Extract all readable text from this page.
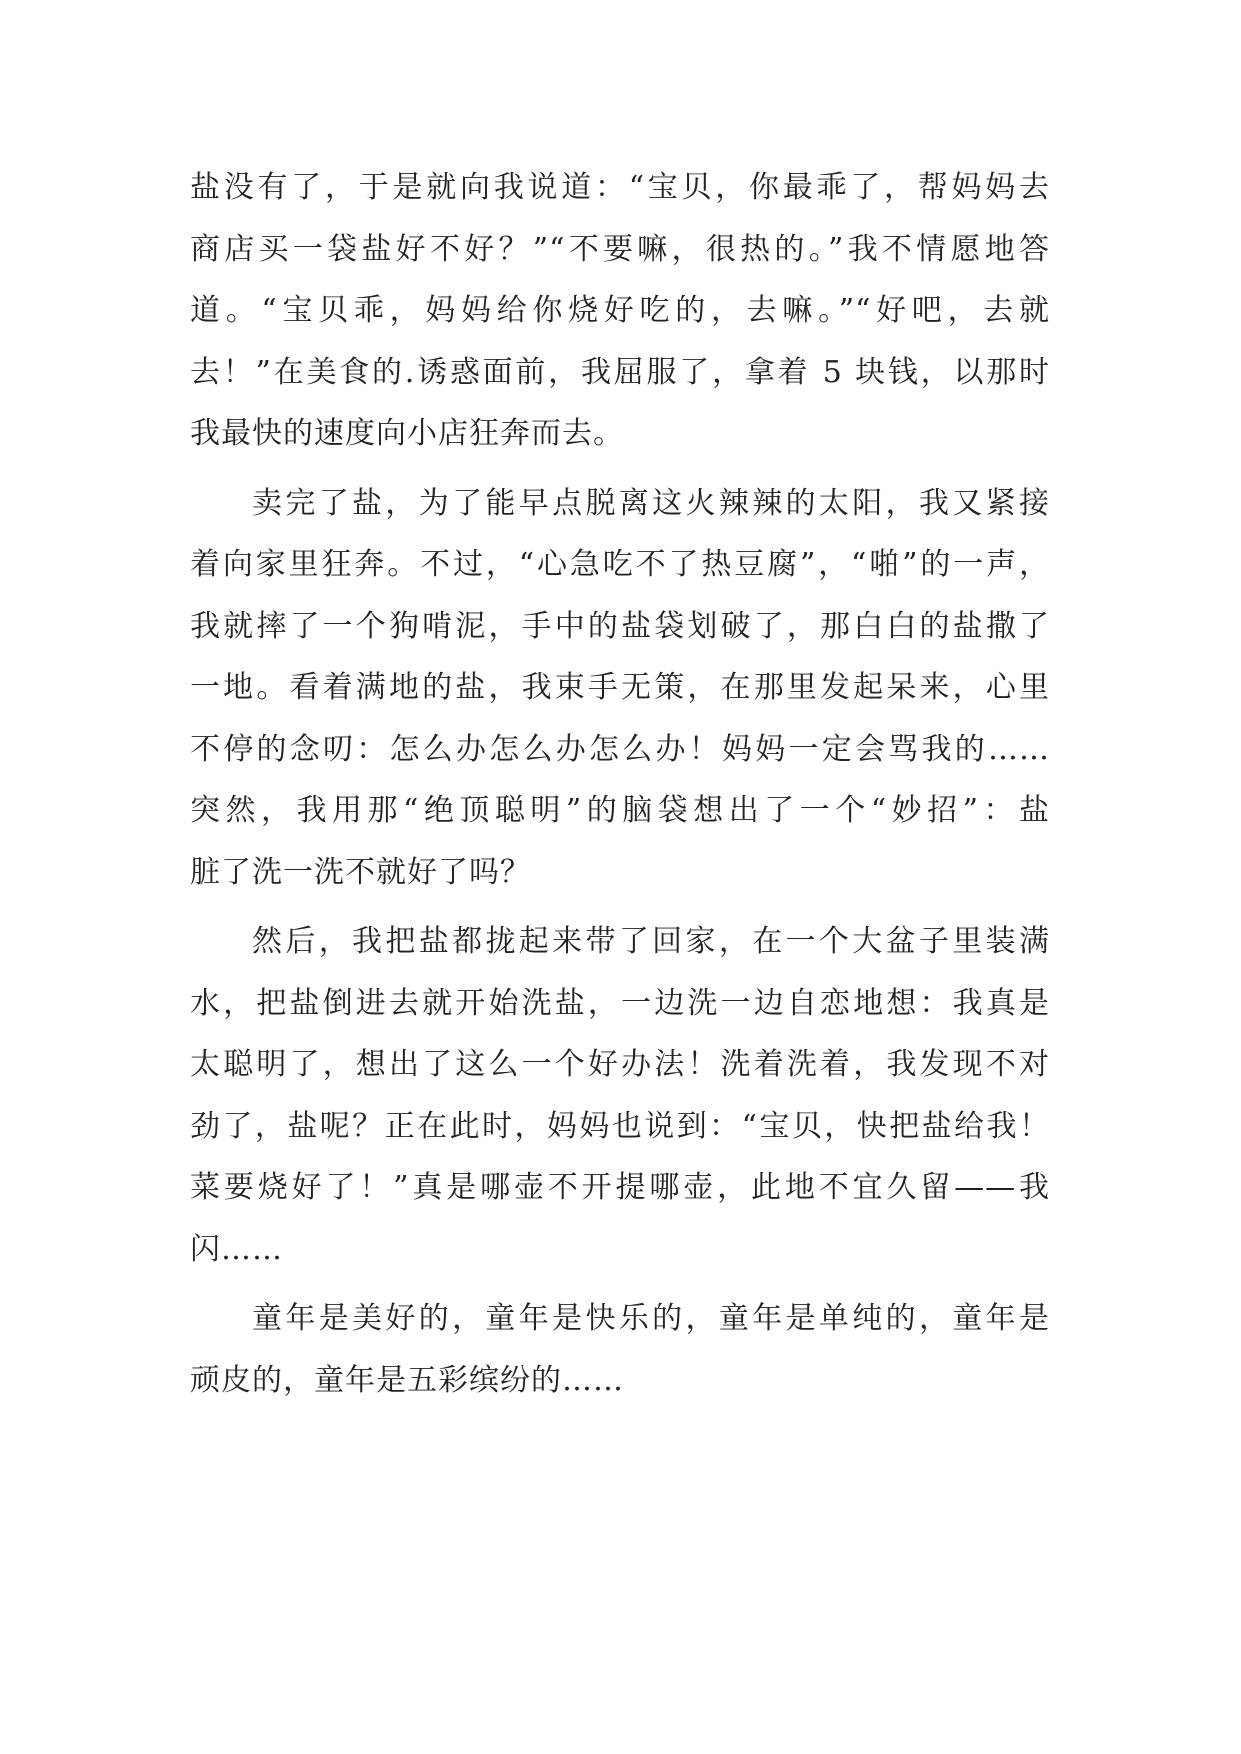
盐没有了，于是就向我说道：“宝贝，你最乖了，帮妈妈去
商店买一袋盐好不好？”“不要嘛，很热的。”我不情愿地答
道。“宝贝乖，妈妈给你烧好吃的，去嘛。”“好吧，去就
去！”在美食的.诱惑面前，我屈服了，拿着 5 块钱，以那时
我最快的速度向小店狂奔而去。
卖完了盐，为了能早点脱离这火辣辣的太阳，我又紧接
着向家里狂奔。不过，“心急吃不了热豆腐”，“啪”的一声，
我就摔了一个狗啃泥，手中的盐袋划破了，那白白的盐撒了
一地。看着满地的盐，我束手无策，在那里发起呆来，心里
不停的念叨：怎么办怎么办怎么办！妈妈一定会骂我的……
突然，我用那“绝顶聪明”的脑袋想出了一个“妙招”：盐
脏了洗一洗不就好了吗？
然后，我把盐都拢起来带了回家，在一个大盆子里装满
水，把盐倒进去就开始洗盐，一边洗一边自恋地想：我真是
太聪明了，想出了这么一个好办法！洗着洗着，我发现不对
劲了，盐呢？正在此时，妈妈也说到：“宝贝，快把盐给我！
菜要烧好了！”真是哪壶不开提哪壶，此地不宜久留——我
闪……
童年是美好的，童年是快乐的，童年是单纯的，童年是
顽皮的，童年是五彩缤纷的……
